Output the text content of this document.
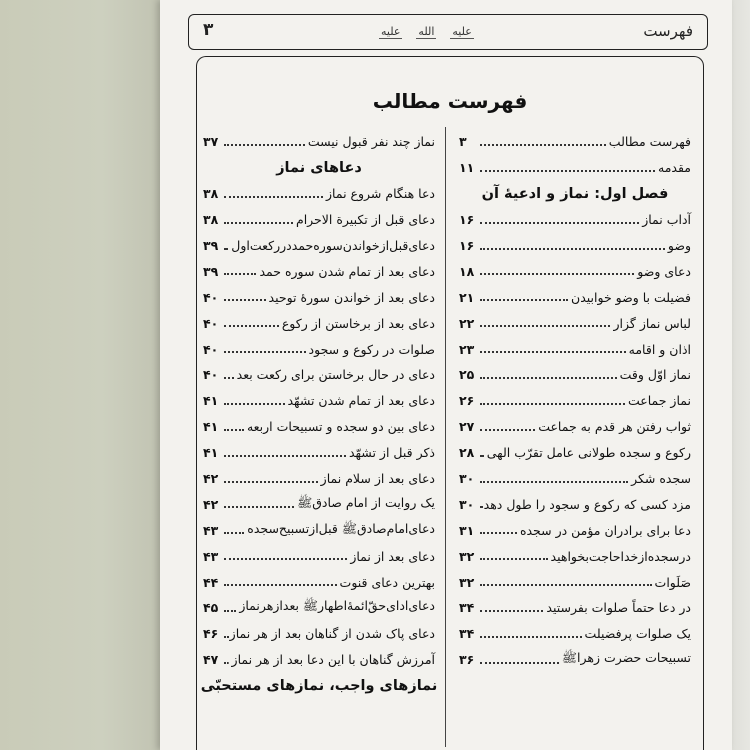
فهرست
عليه الله عليه
۳
فهرست مطالب
فهرست مطالب
۳
مقدمه
۱۱
فصل اول: نماز و ادعیهٔ آن
آداب نماز
۱۶
وضو
۱۶
دعای وضو
۱۸
فضیلت با وضو خوابیدن
۲۱
لباس نماز گزار
۲۲
اذان و اقامه
۲۳
نماز اوّل وقت
۲۵
نماز جماعت
۲۶
ثواب رفتن هر قدم به جماعت
۲۷
رکوع و سجده طولانی عامل تقرّب الهی
۲۸
سجده شکر
۳۰
مزد کسی که رکوع و سجود را طول دهد
۳۰
دعا برای برادران مؤمن در سجده
۳۱
درسجده‌ازخداحاجت‌بخواهید
۳۲
صَلَوات
۳۲
در دعا حتماً صلوات بفرستید
۳۴
یک صلوات پرفضیلت
۳۴
تسبیحات حضرت زهراﷺ
۳۶
نماز چند نفر قبول نیست
۳۷
دعاهای نماز
دعا هنگام شروع نماز
۳۸
دعای قبل از تکبیرة الاحرام
۳۸
دعای‌قبل‌از‌خواندن‌سوره‌حمد‌در‌رکعت‌اول
۳۹
دعای بعد از تمام شدن سوره حمد
۳۹
دعای بعد از خواندن سورهٔ توحید
۴۰
دعای بعد از برخاستن از رکوع
۴۰
صلوات در رکوع و سجود
۴۰
دعای در حال برخاستن برای رکعت بعد
۴۰
دعای بعد از تمام شدن تشهّد
۴۱
دعای بین دو سجده و تسبیحات اربعه
۴۱
ذکر قبل از تشهّد
۴۱
دعای بعد از سلام نماز
۴۲
یک روایت از امام صادقﷺ
۴۲
دعای‌امام‌صادقﷺ قبل‌از‌تسبیح‌سجده
۴۳
دعای بعد از نماز
۴۳
بهترین دعای قنوت
۴۴
دعای‌ادای‌حقّ‌ائمهٔ‌اطهارﷺ بعداز‌هر‌نماز
۴۵
دعای پاک شدن از گناهان بعد از هر نماز
۴۶
آمرزش گناهان با این دعا بعد از هر نماز
۴۷
نمازهای واجب، نمازهای مستحبّی
